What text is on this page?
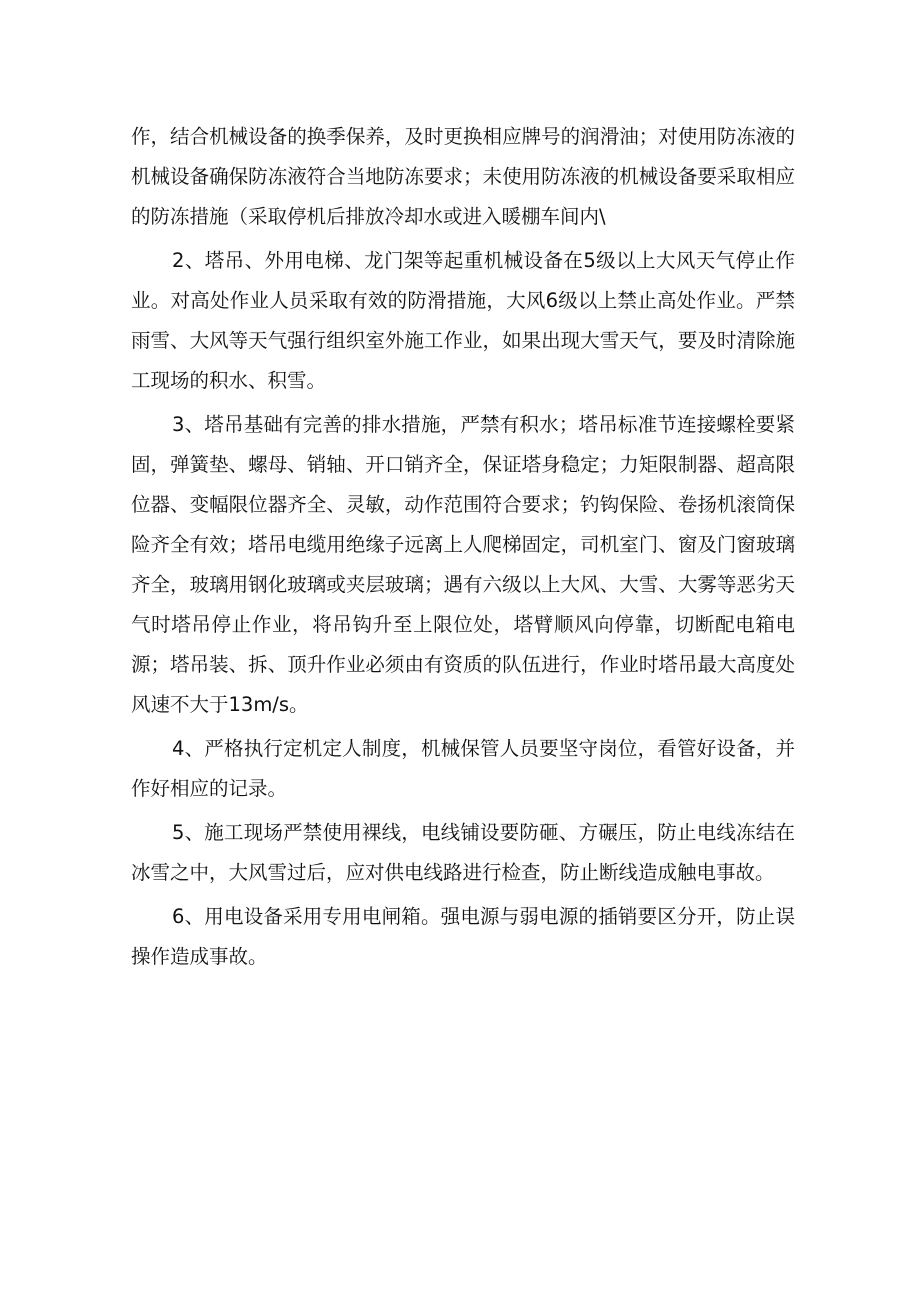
作，结合机械设备的换季保养，及时更换相应牌号的润滑油；对使用防冻液的机械设备确保防冻液符合当地防冻要求；未使用防冻液的机械设备要采取相应的防冻措施（采取停机后排放冷却水或进入暖棚车间内\

2、塔吊、外用电梯、龙门架等起重机械设备在5级以上大风天气停止作业。对高处作业人员采取有效的防滑措施，大风6级以上禁止高处作业。严禁雨雪、大风等天气强行组织室外施工作业，如果出现大雪天气，要及时清除施工现场的积水、积雪。

3、塔吊基础有完善的排水措施，严禁有积水；塔吊标准节连接螺栓要紧固，弹簧垫、螺母、销轴、开口销齐全，保证塔身稳定；力矩限制器、超高限位器、变幅限位器齐全、灵敏，动作范围符合要求；钓钩保险、卷扬机滚筒保险齐全有效；塔吊电缆用绝缘子远离上人爬梯固定，司机室门、窗及门窗玻璃齐全，玻璃用钢化玻璃或夹层玻璃；遇有六级以上大风、大雪、大雾等恶劣天气时塔吊停止作业，将吊钩升至上限位处，塔臂顺风向停靠，切断配电箱电源；塔吊装、拆、顶升作业必须由有资质的队伍进行，作业时塔吊最大高度处风速不大于13m/s。

4、严格执行定机定人制度，机械保管人员要坚守岗位，看管好设备，并作好相应的记录。

5、施工现场严禁使用裸线，电线铺设要防砸、方碾压，防止电线冻结在冰雪之中，大风雪过后，应对供电线路进行检查，防止断线造成触电事故。

6、用电设备采用专用电闸箱。强电源与弱电源的插销要区分开，防止误操作造成事故。
